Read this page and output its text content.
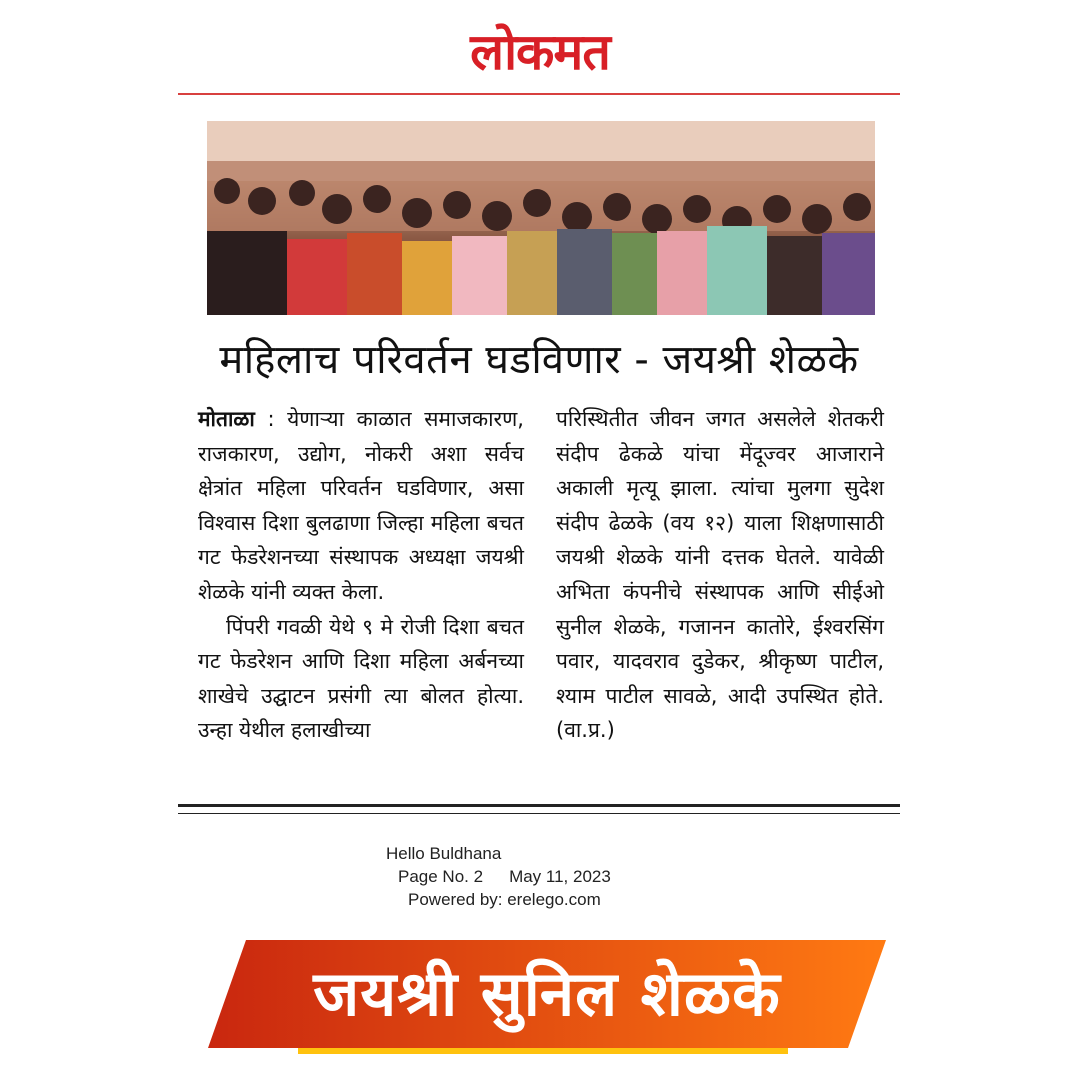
लोकमत
महिलाच परिवर्तन घडविणार - जयश्री शेळके

मोताळा : येणाऱ्या काळात समाजकारण, राजकारण, उद्योग, नोकरी अशा सर्वच क्षेत्रांत महिला परिवर्तन घडविणार, असा विश्वास दिशा बुलढाणा जिल्हा महिला बचत गट फेडरेशनच्या संस्थापक अध्यक्षा जयश्री शेळके यांनी व्यक्त केला.

पिंपरी गवळी येथे ९ मे रोजी दिशा बचत गट फेडरेशन आणि दिशा महिला अर्बनच्या शाखेचे उद्घाटन प्रसंगी त्या बोलत होत्या. उन्हा येथील हलाखीच्या

परिस्थितीत जीवन जगत असलेले शेतकरी संदीप ढेकळे यांचा मेंदूज्वर आजाराने अकाली मृत्यू झाला. त्यांचा मुलगा सुदेश संदीप ढेळके (वय १२) याला शिक्षणासाठी जयश्री शेळके यांनी दत्तक घेतले. यावेळी अभिता कंपनीचे संस्थापक आणि सीईओ सुनील शेळके, गजानन कातोरे, ईश्वरसिंग पवार, यादवराव दुडेकर, श्रीकृष्ण पाटील, श्याम पाटील सावळे, आदी उपस्थित होते. (वा.प्र.)

Hello Buldhana
Page No. 2 May 11, 2023
Powered by: erelego.com
जयश्री सुनिल शेळके
